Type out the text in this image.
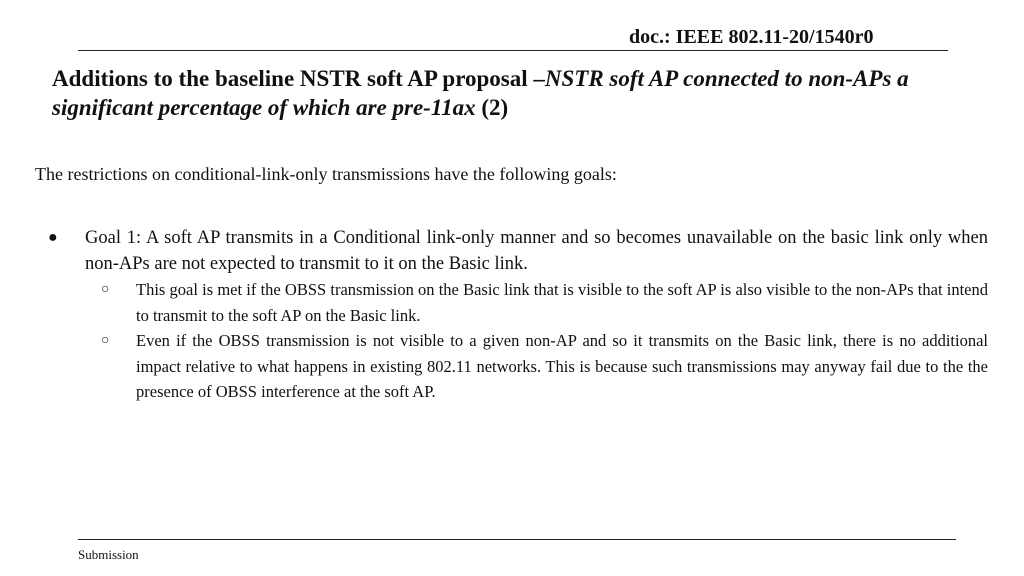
doc.: IEEE 802.11-20/1540r0
Additions to the baseline NSTR soft AP proposal –NSTR soft AP connected to non-APs a significant percentage of which are pre-11ax (2)
The restrictions on conditional-link-only transmissions have the following goals:
● Goal 1: A soft AP transmits in a Conditional link-only manner and so becomes unavailable on the basic link only when non-APs are not expected to transmit to it on the Basic link.
○ This goal is met if the OBSS transmission on the Basic link that is visible to the soft AP is also visible to the non-APs that intend to transmit to the soft AP on the Basic link.
○ Even if the OBSS transmission is not visible to a given non-AP and so it transmits on the Basic link, there is no additional impact relative to what happens in existing 802.11 networks. This is because such transmissions may anyway fail due to the the presence of OBSS interference at the soft AP.
Submission
